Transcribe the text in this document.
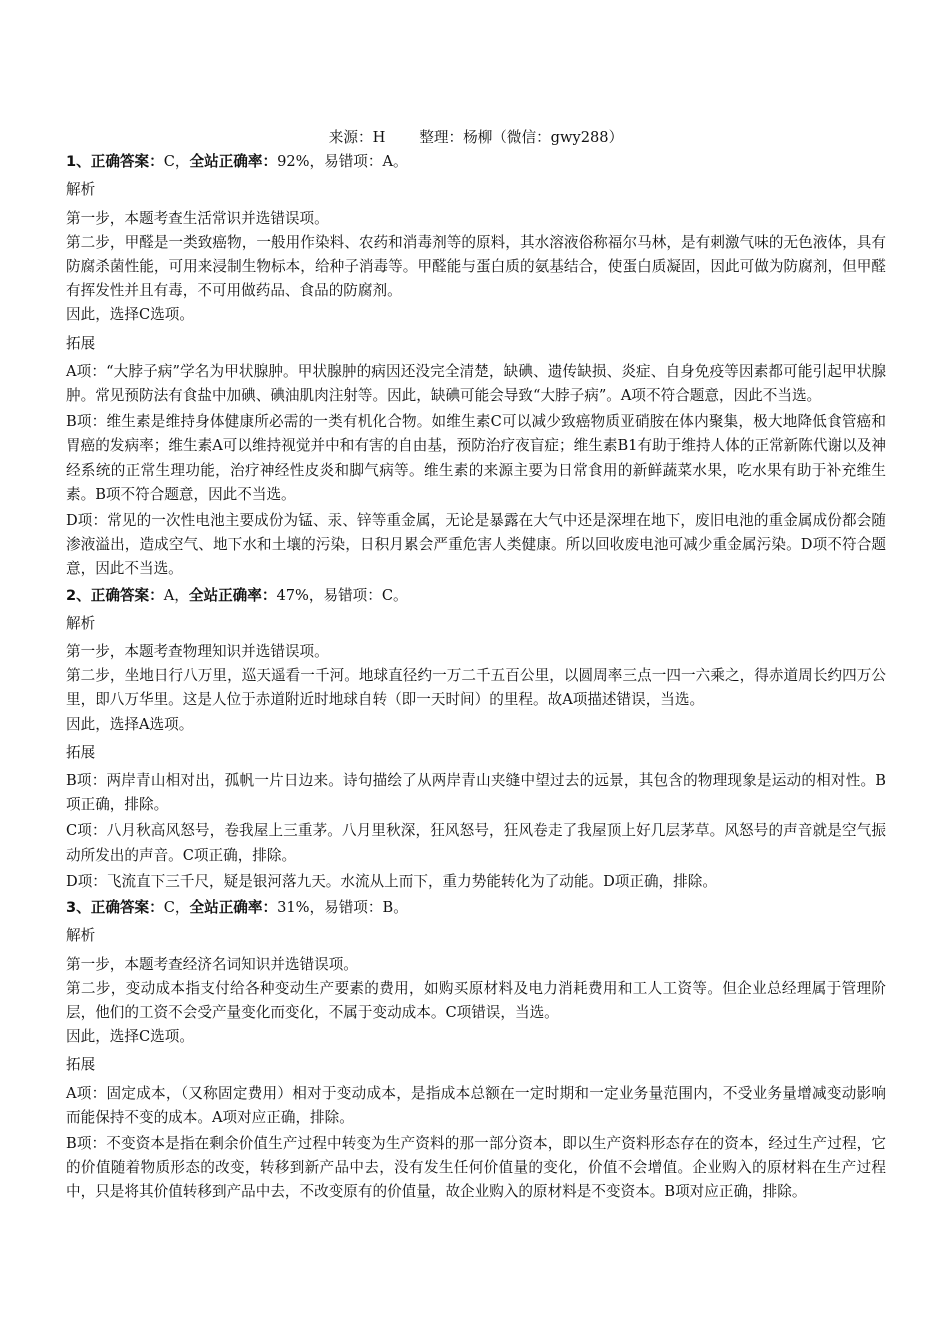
来源：H 整理：杨柳（微信：gwy288）

1、正确答案：C，全站正确率：92%，易错项：A。

解析

第一步，本题考查生活常识并选错误项。

第二步，甲醛是一类致癌物，一般用作染料、农药和消毒剂等的原料，其水溶液俗称福尔马林，是有刺激气味的无色液体，具有防腐杀菌性能，可用来浸制生物标本，给种子消毒等。甲醛能与蛋白质的氨基结合，使蛋白质凝固，因此可做为防腐剂，但甲醛有挥发性并且有毒，不可用做药品、食品的防腐剂。

因此，选择C选项。

拓展

A项：“大脖子病”学名为甲状腺肿。甲状腺肿的病因还没完全清楚，缺碘、遗传缺损、炎症、自身免疫等因素都可能引起甲状腺肿。常见预防法有食盐中加碘、碘油肌肉注射等。因此，缺碘可能会导致“大脖子病”。A项不符合题意，因此不当选。

B项：维生素是维持身体健康所必需的一类有机化合物。如维生素C可以减少致癌物质亚硝胺在体内聚集，极大地降低食管癌和胃癌的发病率；维生素A可以维持视觉并中和有害的自由基，预防治疗夜盲症；维生素B1有助于维持人体的正常新陈代谢以及神经系统的正常生理功能，治疗神经性皮炎和脚气病等。维生素的来源主要为日常食用的新鲜蔬菜水果，吃水果有助于补充维生素。B项不符合题意，因此不当选。

D项：常见的一次性电池主要成份为锰、汞、锌等重金属，无论是暴露在大气中还是深埋在地下，废旧电池的重金属成份都会随渗液溢出，造成空气、地下水和土壤的污染，日积月累会严重危害人类健康。所以回收废电池可减少重金属污染。D项不符合题意，因此不当选。

2、正确答案：A，全站正确率：47%，易错项：C。

解析

第一步，本题考查物理知识并选错误项。

第二步，坐地日行八万里，巡天遥看一千河。地球直径约一万二千五百公里，以圆周率三点一四一六乘之，得赤道周长约四万公里，即八万华里。这是人位于赤道附近时地球自转（即一天时间）的里程。故A项描述错误，当选。

因此，选择A选项。

拓展

B项：两岸青山相对出，孤帆一片日边来。诗句描绘了从两岸青山夹缝中望过去的远景，其包含的物理现象是运动的相对性。B项正确，排除。

C项：八月秋高风怒号，卷我屋上三重茅。八月里秋深，狂风怒号，狂风卷走了我屋顶上好几层茅草。风怒号的声音就是空气振动所发出的声音。C项正确，排除。

D项：飞流直下三千尺，疑是银河落九天。水流从上而下，重力势能转化为了动能。D项正确，排除。

3、正确答案：C，全站正确率：31%，易错项：B。

解析

第一步，本题考查经济名词知识并选错误项。

第二步，变动成本指支付给各种变动生产要素的费用，如购买原材料及电力消耗费用和工人工资等。但企业总经理属于管理阶层，他们的工资不会受产量变化而变化，不属于变动成本。C项错误，当选。

因此，选择C选项。

拓展

A项：固定成本，（又称固定费用）相对于变动成本，是指成本总额在一定时期和一定业务量范围内，不受业务量增减变动影响而能保持不变的成本。A项对应正确，排除。

B项：不变资本是指在剩余价值生产过程中转变为生产资料的那一部分资本，即以生产资料形态存在的资本，经过生产过程，它的价值随着物质形态的改变，转移到新产品中去，没有发生任何价值量的变化，价值不会增值。企业购入的原材料在生产过程中，只是将其价值转移到产品中去，不改变原有的价值量，故企业购入的原材料是不变资本。B项对应正确，排除。
